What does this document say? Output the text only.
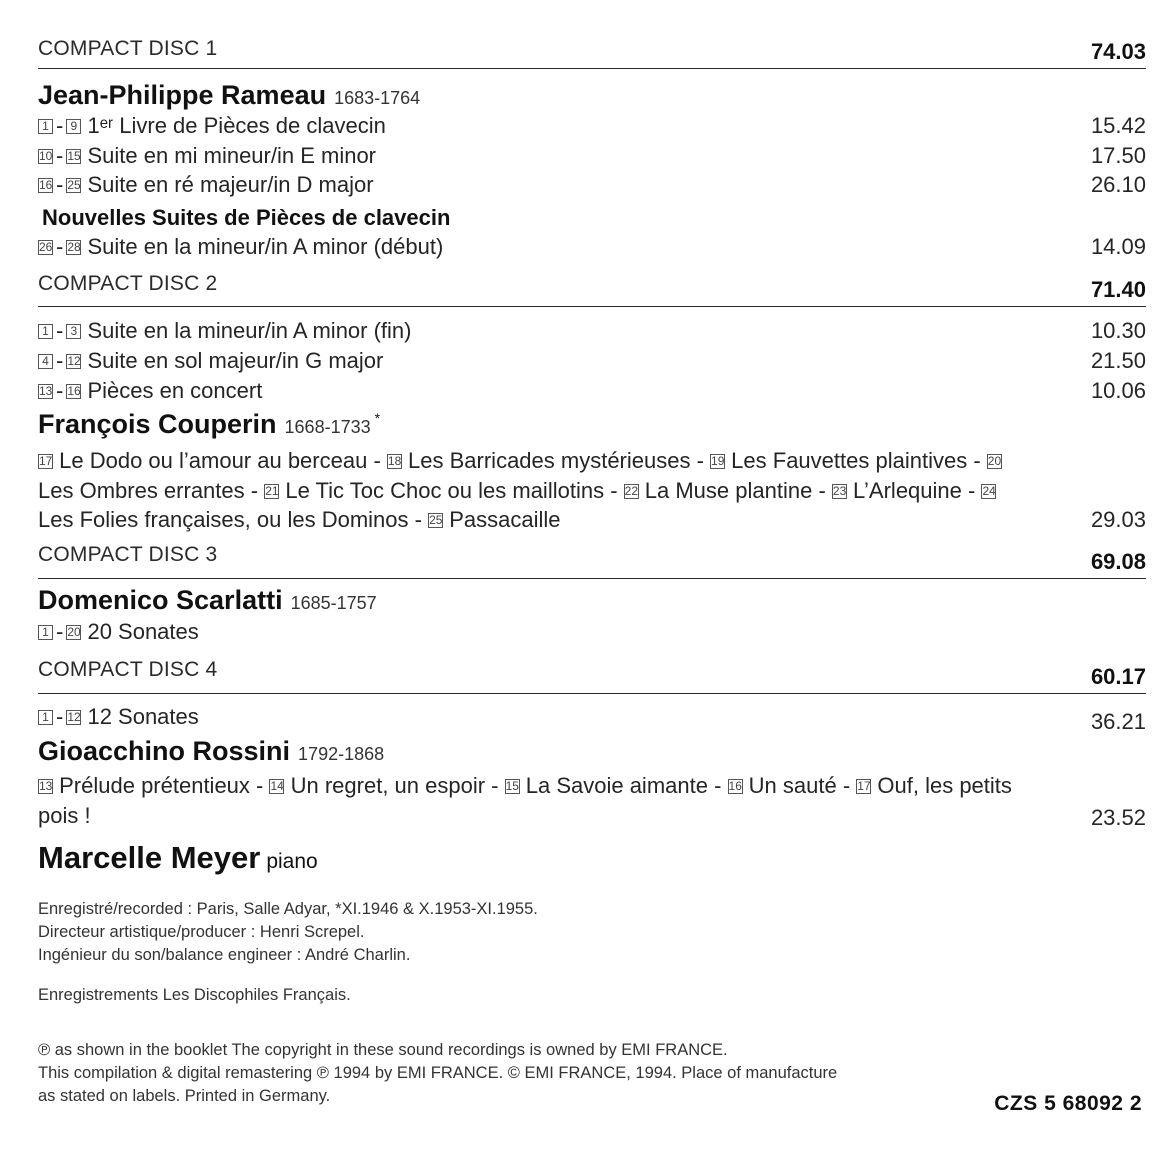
COMPACT DISC 1	74.03
Jean-Philippe Rameau 1683-1764
1 - 9 1ᵉʳ Livre de Pièces de clavecin	15.42
10 - 15 Suite en mi mineur/in E minor	17.50
16 - 25 Suite en ré majeur/in D major	26.10
Nouvelles Suites de Pièces de clavecin
26 - 28 Suite en la mineur/in A minor (début)	14.09
COMPACT DISC 2	71.40
1 - 3 Suite en la mineur/in A minor (fin)	10.30
4 - 12 Suite en sol majeur/in G major	21.50
13 - 16 Pièces en concert	10.06
François Couperin 1668-1733 *
17 Le Dodo ou l’amour au berceau - 18 Les Barricades mystérieuses - 19 Les Fauvettes plaintives - 20 Les Ombres errantes - 21 Le Tic Toc Choc ou les maillotins - 22 La Muse plantine - 23 L’Arlequine - 24 Les Folies françaises, ou les Dominos - 25 Passacaille	29.03
COMPACT DISC 3	69.08
Domenico Scarlatti 1685-1757
1 - 20 20 Sonates
COMPACT DISC 4	60.17
1 - 12 12 Sonates	36.21
Gioacchino Rossini 1792-1868
13 Prélude prétentieux - 14 Un regret, un espoir - 15 La Savoie aimante - 16 Un sauté - 17 Ouf, les petits pois !	23.52
Marcelle Meyer piano
Enregistré/recorded : Paris, Salle Adyar, *XI.1946 & X.1953-XI.1955.
Directeur artistique/producer : Henri Screpel.
Ingénieur du son/balance engineer : André Charlin.
Enregistrements Les Discophiles Français.
℗ as shown in the booklet The copyright in these sound recordings is owned by EMI FRANCE.
This compilation & digital remastering ℗ 1994 by EMI FRANCE. © EMI FRANCE, 1994. Place of manufacture
as stated on labels. Printed in Germany.	CZS 5 68092 2
